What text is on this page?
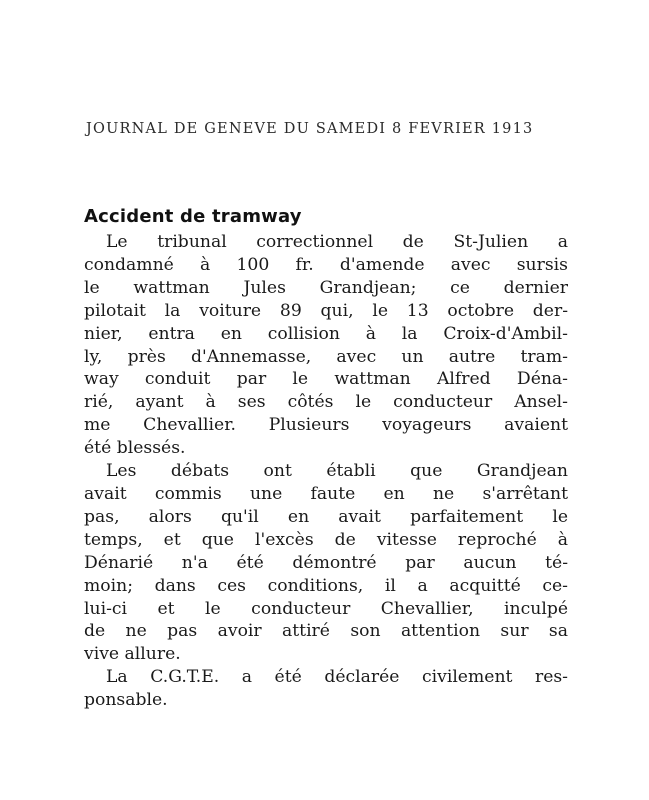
JOURNAL DE GENEVE DU SAMEDI 8 FEVRIER 1913
Accident de tramway

Le tribunal correctionnel de St-Julien a
condamné à 100 fr. d'amende avec sursis
le wattman Jules Grandjean; ce dernier
pilotait la voiture 89 qui, le 13 octobre der-
nier, entra en collision à la Croix-d'Ambil-
ly, près d'Annemasse, avec un autre tram-
way conduit par le wattman Alfred Dénа-
rié, ayant à ses côtés le conducteur Ansel-
me Chevallier. Plusieurs voyageurs avaient
été blessés.

Les débats ont établi que Grandjean
avait commis une faute en ne s'arrêtant
pas, alors qu'il en avait parfaitement le
temps, et que l'excès de vitesse reproché à
Dénarié n'a été démontré par aucun té-
moin; dans ces conditions, il a acquitté ce-
lui-ci et le conducteur Chevallier, inculpé
de ne pas avoir attiré son attention sur sa
vive allure.

La C.G.T.E. a été déclarée civilement res-
ponsable.
